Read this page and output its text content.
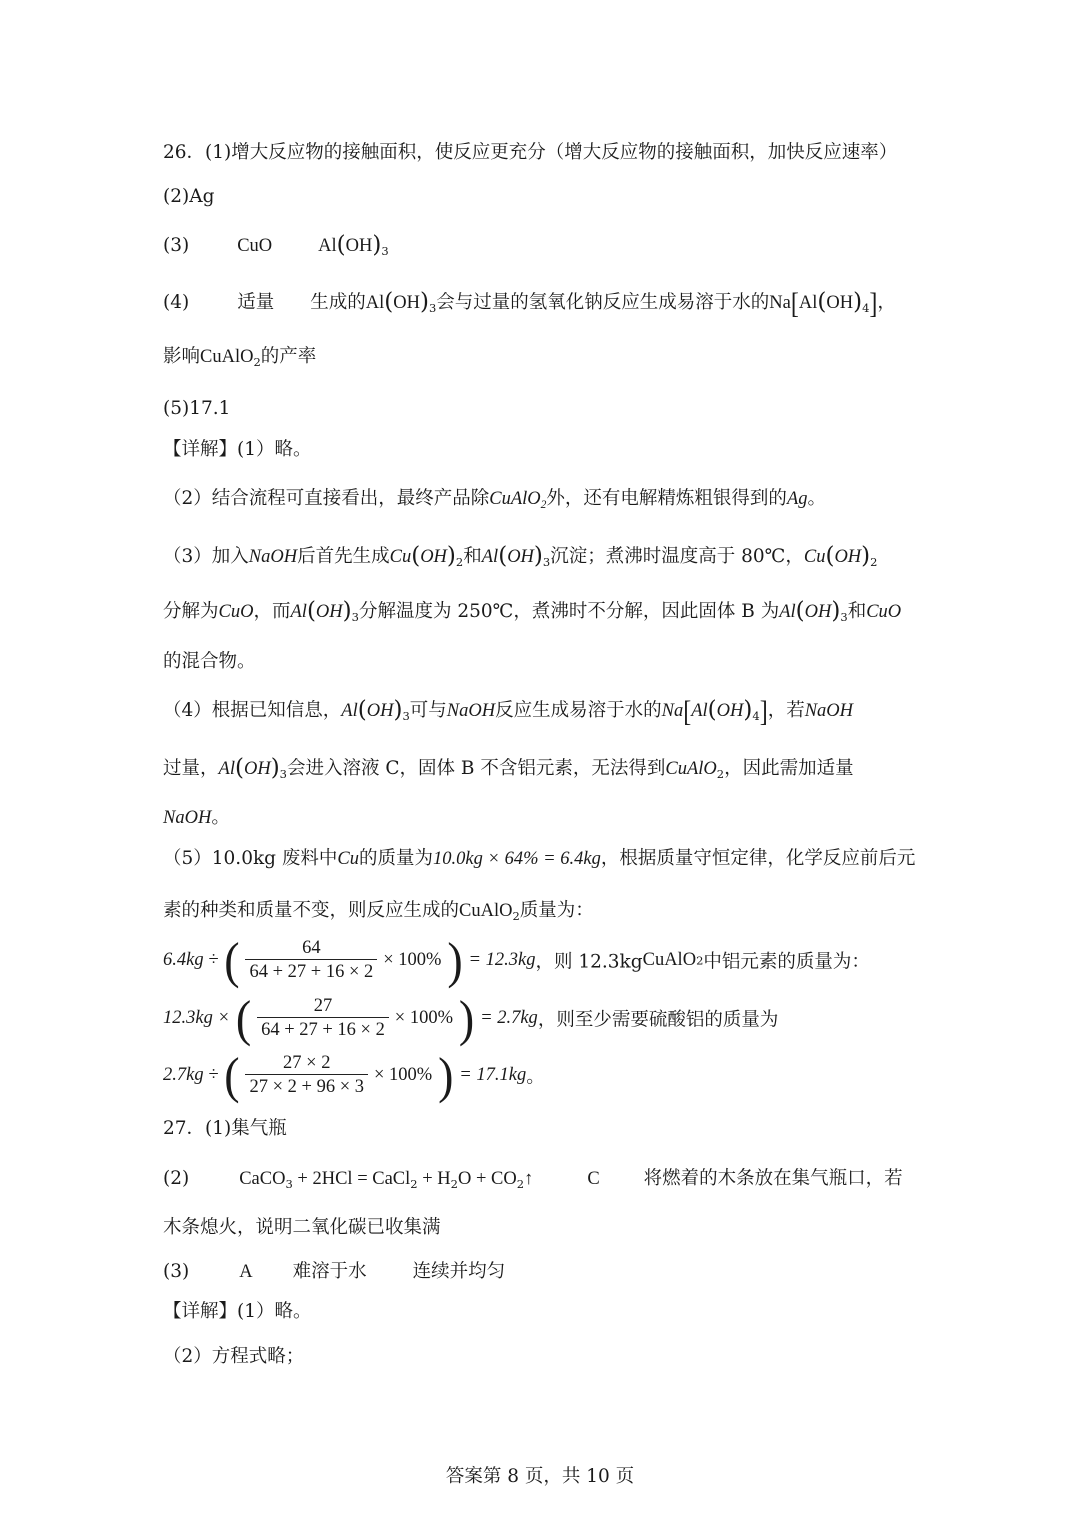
26．(1)增大反应物的接触面积，使反应更充分（增大反应物的接触面积，加快反应速率）
(2)Ag
(3)	CuO $Al(OH)_3$
(4)	适量 生成的$Al(OH)_3$会与过量的氢氧化钠反应生成易溶于水的$Na[Al(OH)_4]$，
影响CuAlO$_2$的产率
(5)17.1
【详解】(1）略。
（2）结合流程可直接看出，最终产品除CuAlO$_2$外，还有电解精炼粗银得到的Ag。
（3）加入NaOH后首先生成$Cu(OH)_2$和$Al(OH)_3$沉淀；煮沸时温度高于 80℃，$Cu(OH)_2$
分解为CuO，而$Al(OH)_3$分解温度为 250℃，煮沸时不分解，因此固体 B 为$Al(OH)_3$和CuO
的混合物。
（4）根据已知信息，$Al(OH)_3$可与NaOH反应生成易溶于水的$Na[Al(OH)_4]$，若NaOH
过量，$Al(OH)_3$会进入溶液 C，固体 B 不含铝元素，无法得到CuAlO$_2$，因此需加适量
NaOH。
（5）10.0kg 废料中Cu的质量为10.0kg × 64% = 6.4kg，根据质量守恒定律，化学反应前后元
素的种类和质量不变，则反应生成的CuAlO$_2$质量为：
6.4kg ÷ ( $\frac{64}{64 + 27 + 16 \times 2} \times 100\%$ ) = 12.3kg，则 12.3kgCuAlO2中铝元素的质量为：
12.3kg × ( $\frac{27}{64 + 27 + 16 \times 2} \times 100\%$ ) = 2.7kg，则至少需要硫酸铝的质量为
2.7kg ÷ ( $\frac{27 \times 2}{27 \times 2 + 96 \times 3} \times 100\%$ ) = 17.1kg。
27．(1)集气瓶
(2)	CaCO$_3$ + 2HCl = CaCl$_2$ + $H_2O$ + $CO_2↑$	C 将燃着的木条放在集气瓶口，若
木条熄火，说明二氧化碳已收集满
(3)	A 难溶于水 连续并均匀
【详解】(1）略。
（2）方程式略；
答案第 8 页，共 10 页
